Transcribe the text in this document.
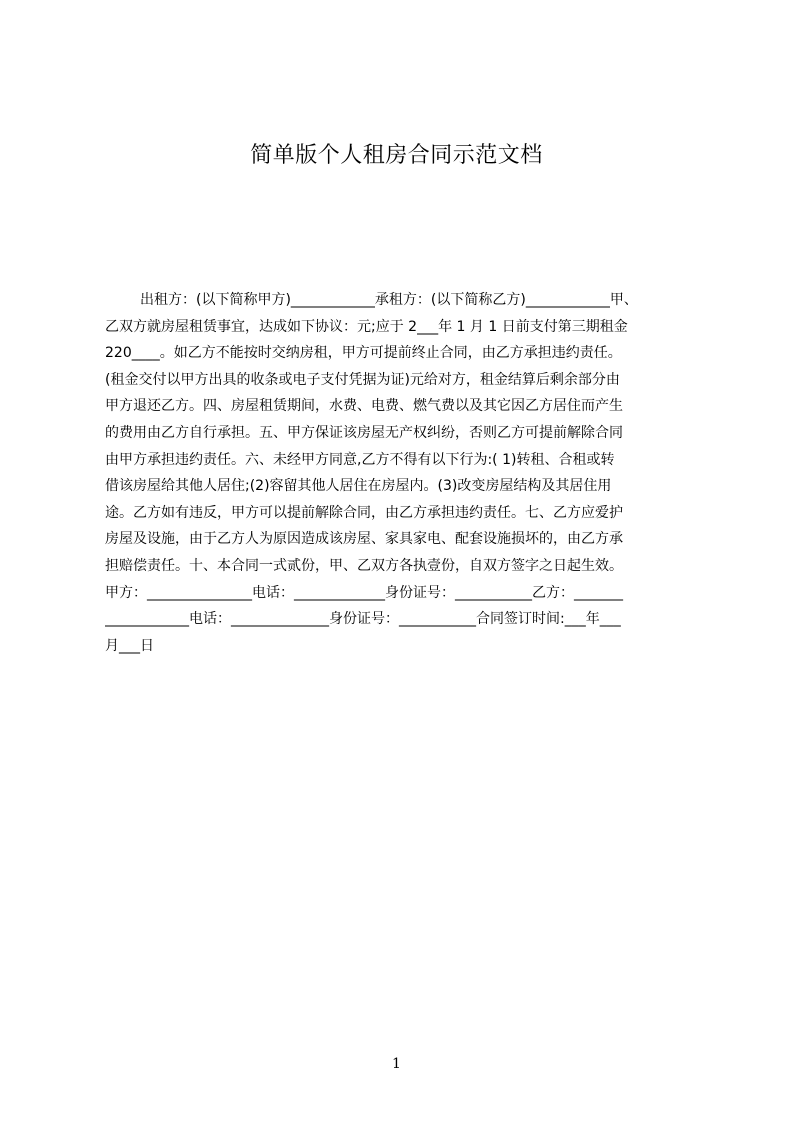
简单版个人租房合同示范文档
出租方：(以下简称甲方)____________承租方：(以下简称乙方)____________甲、
乙双方就房屋租赁事宜，达成如下协议：元;应于 2___年 1 月 1 日前支付第三期租金
220____。如乙方不能按时交纳房租，甲方可提前终止合同，由乙方承担违约责任。
(租金交付以甲方出具的收条或电子支付凭据为证)元给对方，租金结算后剩余部分由
甲方退还乙方。四、房屋租赁期间，水费、电费、燃气费以及其它因乙方居住而产生
的费用由乙方自行承担。五、甲方保证该房屋无产权纠纷，否则乙方可提前解除合同
由甲方承担违约责任。六、未经甲方同意,乙方不得有以下行为:( 1)转租、合租或转
借该房屋给其他人居住;(2)容留其他人居住在房屋内。(3)改变房屋结构及其居住用
途。乙方如有违反，甲方可以提前解除合同，由乙方承担违约责任。七、乙方应爱护
房屋及设施，由于乙方人为原因造成该房屋、家具家电、配套设施损坏的，由乙方承
担赔偿责任。十、本合同一式贰份，甲、乙双方各执壹份，自双方签字之日起生效。
甲方：_______________电话：_____________身份证号：___________乙方：_______
____________电话：______________身份证号：___________合同签订时间:___年___
月___日
1
